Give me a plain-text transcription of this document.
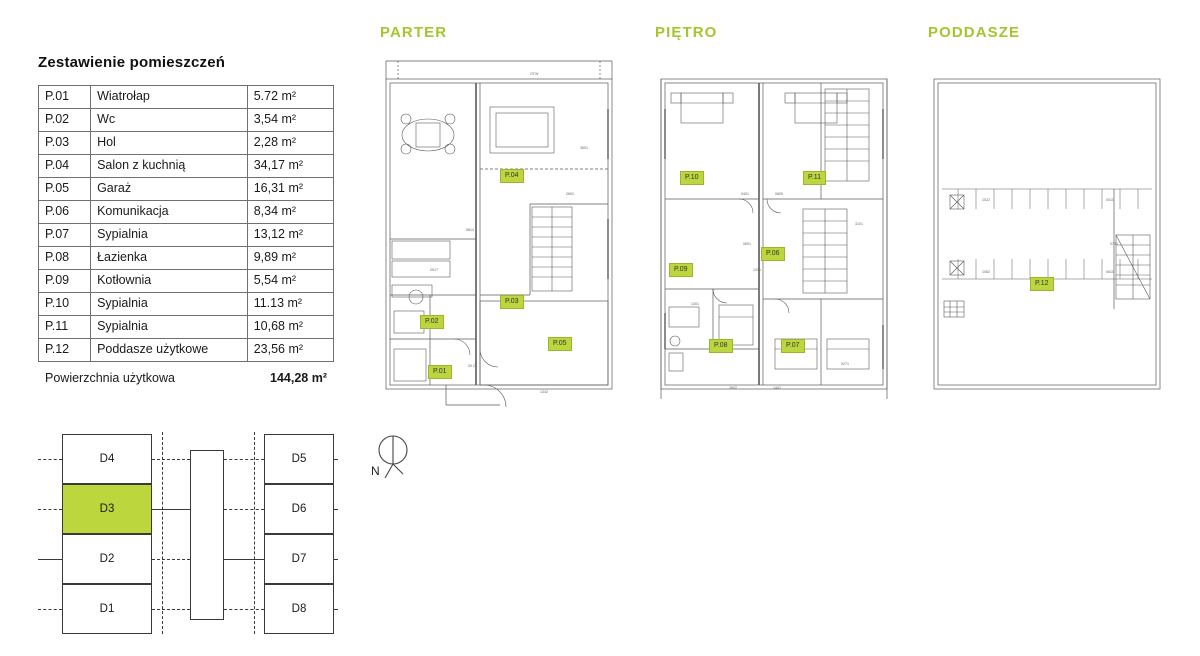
Zestawienie pomieszczeń
P.01	Wiatrołap	5.72 m²
P.02	Wc	3,54 m²
P.03	Hol	2,28 m²
P.04	Salon z kuchnią	34,17 m²
P.05	Garaż	16,31 m²
P.06	Komunikacja	8,34 m²
P.07	Sypialnia	13,12 m²
P.08	Łazienka	9,89 m²
P.09	Kotłownia	5,54 m²
P.10	Sypialnia	11.13 m²
P.11	Sypialnia	10,68 m²
P.12	Poddasze użytkowe	23,56 m²
Powierzchnia użytkowa	144,28 m²
PARTER
OTW
3601
2602
5813
2517
20 C
1342
P.04
P.03
P.02
P.01
P.05
PIĘTRO
0401	0805
0601
1201
3101
1301
0271
2602	1441
P.10	P.11
P.09
P.06
P.08	P.07
PODDASZE
1022	0010
0731
1062	0610
P.12
N
D4
D3
D2
D1
D5
D6
D7
D8
